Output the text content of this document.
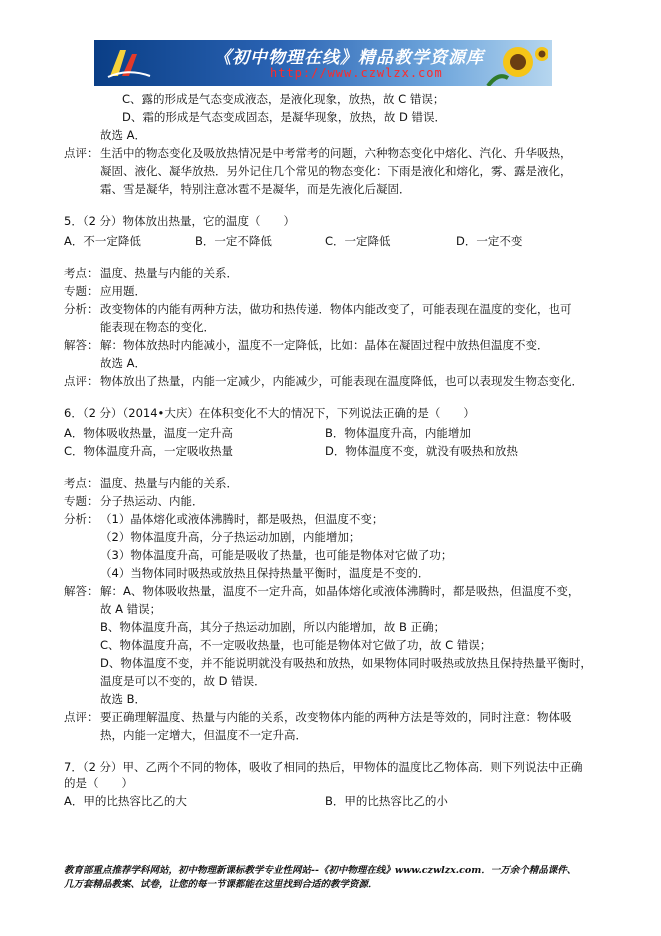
《初中物理在线》精品教学资源库
http://www.czwlzx.com
C、露的形成是气态变成液态，是液化现象，放热，故 C 错误；
D、霜的形成是气态变成固态，是凝华现象，放热，故 D 错误．
故选 A．
点评： 生活中的物态变化及吸放热情况是中考常考的问题，六种物态变化中熔化、汽化、升华吸热，
凝固、液化、凝华放热．另外记住几个常见的物态变化：下雨是液化和熔化，雾、露是液化，
霜、雪是凝华，特别注意冰雹不是凝华，而是先液化后凝固．
5．（2 分）物体放出热量，它的温度（　　）
A．不一定降低	B．一定不降低	C．一定降低	D．一定不变
考点： 温度、热量与内能的关系．
专题： 应用题．
分析： 改变物体的内能有两种方法，做功和热传递．物体内能改变了，可能表现在温度的变化，也可
能表现在物态的变化．
解答： 解：物体放热时内能减小，温度不一定降低，比如：晶体在凝固过程中放热但温度不变．
故选 A．
点评： 物体放出了热量，内能一定减少，内能减少，可能表现在温度降低，也可以表现发生物态变化．
6．（2 分）（2014•大庆）在体积变化不大的情况下，下列说法正确的是（　　）
A．物体吸收热量，温度一定升高	B．物体温度升高，内能增加
C．物体温度升高，一定吸收热量	D．物体温度不变，就没有吸热和放热
考点： 温度、热量与内能的关系．
专题： 分子热运动、内能．
分析： （1）晶体熔化或液体沸腾时，都是吸热，但温度不变；
（2）物体温度升高，分子热运动加剧，内能增加；
（3）物体温度升高，可能是吸收了热量，也可能是物体对它做了功；
（4）当物体同时吸热或放热且保持热量平衡时，温度是不变的．
解答： 解：A、物体吸收热量，温度不一定升高，如晶体熔化或液体沸腾时，都是吸热，但温度不变，
故 A 错误；
B、物体温度升高，其分子热运动加剧，所以内能增加，故 B 正确；
C、物体温度升高，不一定吸收热量，也可能是物体对它做了功，故 C 错误；
D、物体温度不变，并不能说明就没有吸热和放热，如果物体同时吸热或放热且保持热量平衡时，
温度是可以不变的，故 D 错误．
故选 B．
点评： 要正确理解温度、热量与内能的关系，改变物体内能的两种方法是等效的，同时注意：物体吸
热，内能一定增大，但温度不一定升高．
7．（2 分）甲、乙两个不同的物体，吸收了相同的热后，甲物体的温度比乙物体高．则下列说法中正确
的是（　　）
A．甲的比热容比乙的大	B．甲的比热容比乙的小
教育部重点推荐学科网站，初中物理新课标教学专业性网站--《初中物理在线》www.czwlzx.com．一万余个精品课件、
几万套精品教案、试卷，让您的每一节课都能在这里找到合适的教学资源．
